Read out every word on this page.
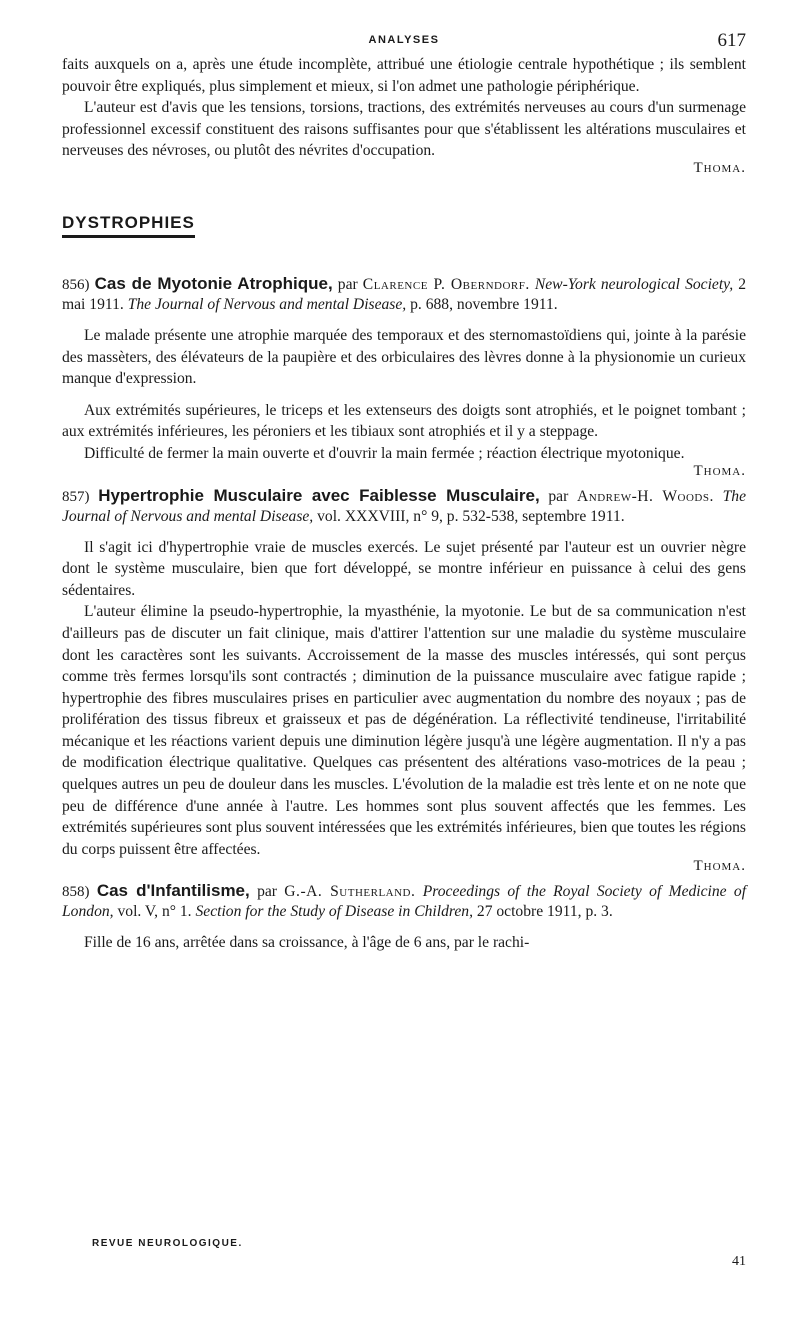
ANALYSES	617

faits auxquels on a, après une étude incomplète, attribué une étiologie centrale hypothétique ; ils semblent pouvoir être expliqués, plus simplement et mieux, si l'on admet une pathologie périphérique.

L'auteur est d'avis que les tensions, torsions, tractions, des extrémités nerveuses au cours d'un surmenage professionnel excessif constituent des raisons suffisantes pour que s'établissent les altérations musculaires et nerveuses des névroses, ou plutôt des névrites d'occupation.

Thoma.
DYSTROPHIES
856) Cas de Myotonie Atrophique, par Clarence P. Oberndorf. New-York neurological Society, 2 mai 1911. The Journal of Nervous and mental Disease, p. 688, novembre 1911.

Le malade présente une atrophie marquée des temporaux et des sternomastoïdiens qui, jointe à la parésie des massèters, des élévateurs de la paupière et des orbiculaires des lèvres donne à la physionomie un curieux manque d'expression.

Aux extrémités supérieures, le triceps et les extenseurs des doigts sont atrophiés, et le poignet tombant ; aux extrémités inférieures, les péroniers et les tibiaux sont atrophiés et il y a steppage.

Difficulté de fermer la main ouverte et d'ouvrir la main fermée ; réaction électrique myotonique.

Thoma.
857) Hypertrophie Musculaire avec Faiblesse Musculaire, par Andrew-H. Woods. The Journal of Nervous and mental Disease, vol. XXXVIII, n° 9, p. 532-538, septembre 1911.

Il s'agit ici d'hypertrophie vraie de muscles exercés. Le sujet présenté par l'auteur est un ouvrier nègre dont le système musculaire, bien que fort développé, se montre inférieur en puissance à celui des gens sédentaires.

L'auteur élimine la pseudo-hypertrophie, la myasthénie, la myotonie. Le but de sa communication n'est d'ailleurs pas de discuter un fait clinique, mais d'attirer l'attention sur une maladie du système musculaire dont les caractères sont les suivants. Accroissement de la masse des muscles intéressés, qui sont perçus comme très fermes lorsqu'ils sont contractés ; diminution de la puissance musculaire avec fatigue rapide ; hypertrophie des fibres musculaires prises en particulier avec augmentation du nombre des noyaux ; pas de prolifération des tissus fibreux et graisseux et pas de dégénération. La réflectivité tendineuse, l'irritabilité mécanique et les réactions varient depuis une diminution légère jusqu'à une légère augmentation. Il n'y a pas de modification électrique qualitative. Quelques cas présentent des altérations vaso-motrices de la peau ; quelques autres un peu de douleur dans les muscles. L'évolution de la maladie est très lente et on ne note que peu de différence d'une année à l'autre. Les hommes sont plus souvent affectés que les femmes. Les extrémités supérieures sont plus souvent intéressées que les extrémités inférieures, bien que toutes les régions du corps puissent être affectées.

Thoma.
858) Cas d'Infantilisme, par G.-A. Sutherland. Proceedings of the Royal Society of Medicine of London, vol. V, n° 1. Section for the Study of Disease in Children, 27 octobre 1911, p. 3.

Fille de 16 ans, arrêtée dans sa croissance, à l'âge de 6 ans, par le rachi-

REVUE NEUROLOGIQUE.
41
